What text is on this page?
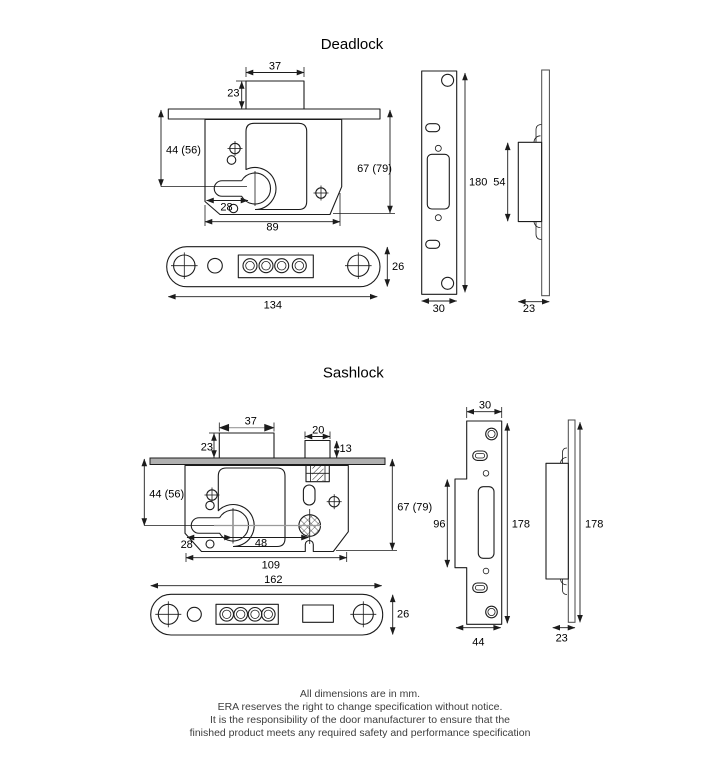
Deadlock
37
23
44 (56)
67 (79)
28
89
26
134
180
30
54
23
Sashlock
37
23
20
13
44 (56)
67 (79)
28	48
109
162
26
30
96	178
44
178
23
All dimensions are in mm.
ERA reserves the right to change specification without notice.
It is the responsibility of the door manufacturer to ensure that the
finished product meets any required safety and performance specification
